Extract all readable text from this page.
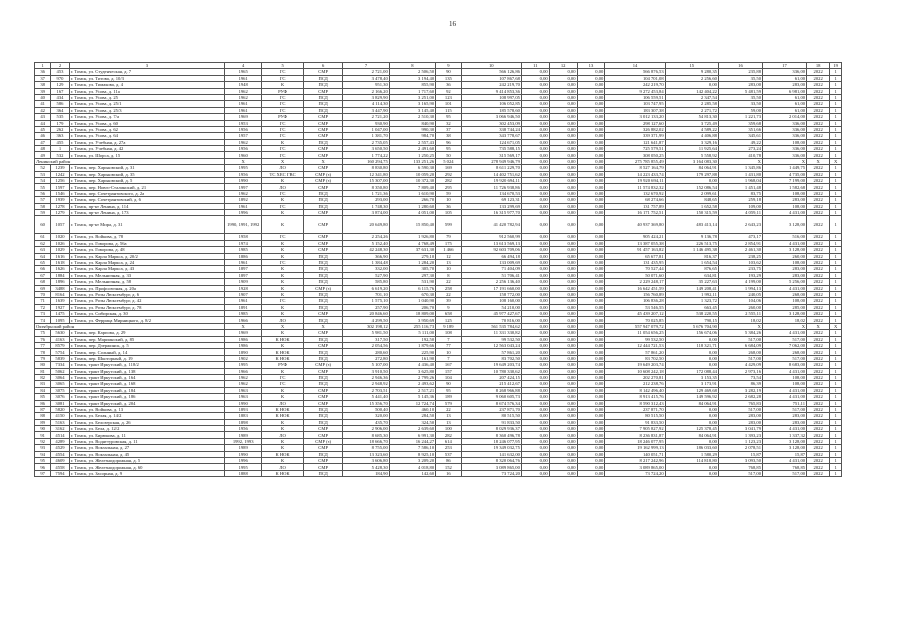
16
1	2	3	4	5	6	7	8	9	10	11	12	13	14	15	16	17	18	19
36	453	г. Томск, ул. Студенческая, д. 7	1965	ГС	СМР	2 721,00	2 506,50	90	566 126,86	0,00	0,00	0,00	566 876,53	9 280,35	235,88	336,00	2022	1
37	970	г. Томск, ул. Титова, д. 10/3	1961	ГС	ПСД	3 478,40	3 194,40	135	107 867,68	0,00	0,00	0,00	104 701,08	2 256,60	35,50	61,00	2022	1
38	129	г. Томск, ул. Тимакова, д. 4	1948	К	ПСД	951,30	855,90	36	242 219,70	0,00	0,00	0,00	242 219,70	0,00	283,00	283,00	2022	1
39	167	г. Томск, ул. Усова, д. 11а	1962	РУФ	СМР	2 166,20	1 717,60	92	9 414 853,36	0,00	0,00	0,00	9 272 453,84	142 404,22	5 481,59	6 981,00	2022	1
40	434	г. Томск, ул. Усова, д. 25	1962	ГС	ПСД	3 829,90	3 251,00	123	108 997,05	0,00	0,00	0,00	106 559,51	2 347,54	35,50	61,00	2022	1
41	586	г. Томск, ул. Усова, д. 25/1	1961	ГС	ПСД	4 114,30	3 165,90	101	106 052,85	0,00	0,00	0,00	103 747,95	2 285,58	33,50	61,00	2022	1
42	364	г. Томск, ул. Усова, д. 25/3	1961	ГС	ПСД	3 447,90	3 145,40	115	185 578,60	0,00	0,00	0,00	183 307,38	2 271,72	59,00	61,00	2022	1
43	535	г. Томск, ул. Усова, д. 7/а	1969	РУФ	СМР	2 721,20	2 510,30	95	3 066 946,50	0,00	0,00	0,00	3 012 133,20	54 813,30	1 221,73	2 014,00	2022	1
44	179	г. Томск, ул. Усова, д. 60	1953	ГС	СМР	930,90	840,90	32	302 453,09	0,00	0,00	0,00	298 127,60	3 725,49	359,68	336,00	2022	1
45	262	г. Томск, ул. Усова, д. 62	1956	ГС	СМР	1 047,00	990,30	37	338 744,24	0,00	0,00	0,00	326 882,02	4 589,22	351,66	336,00	2022	1
46	363	г. Томск, ул. Усова, д. 64	1957	ГС	СМР	1 381,70	984,70	38	343 778,67	0,00	0,00	0,00	339 371,99	4 406,88	345,61	336,00	2022	1
47	455	г. Томск, ул. Учебная, д. 27а	1962	К	ПСД	2 735,05	2 557,43	96	124 671,05	0,00	0,00	0,00	121 641,87	3 329,16	49,22	108,00	2022	1
48	1	г. Томск, ул. Учебная, д. 42	1956	ГС	СМР	3 650,50	2 491,60	95	735 588,15	0,00	0,00	0,00	725 579,51	11 925,64	273,24	336,00	2022	1
49	532	г. Томск, ул. Шорса, д. 15	1960	ГС	СМР	1 774,22	1 250,25	50	315 569,17	0,00	0,00	0,00	308 050,25	5 558,92	410,78	336,00	2022	1
Ленинский район			Х	Х	Х	160 294,75	133 251,26	5 024	278 949 946,79	0,00	0,00	0,00	275 785 855,49	3 164 083,30	Х	Х	Х	Х
52	1239	г. Томск, пер. Харьковский, д. 31	1995	ЛО	СМР	8 830,80	6 590,30	169	8 611 229,70	0,00	0,00	0,00	8 527 164,79	84 064,91	1 345,86	1 449,75	2022	1
53	1242	г. Томск, пер. Харьковский, д. 35	1956	ТС ХЕС ГВС	СМР (з)	12 341,80	10 059,20	292	14 402 751,62	0,00	0,00	0,00	14 223 433,74	179 297,88	1 431,80	4 735,00	2022	1
54	1256	г. Томск, пер. Харьковский, д. 5	1990	К	СМР (з)	15 307,00	10 372,30	282	19 920 694,11	0,00	0,00	0,00	19 920 694,11	0,00	1 968,04	7 199,00	2022	1
55	1597	г. Томск, пер. Новго-Сталинский, д. 21	1997	ЛО	СМР	8 350,80	7 809,40	295	11 726 938,86	0,00	0,00	0,00	11 574 832,32	152 086,54	1 451,48	1 582,68	2022	1
56	1546	г. Томск, пер. Сочетрантовского, д. 2а	1962	ГС	ПСД	1 721,36	1 610,90	59	134 670,53	0,00	0,00	0,00	132 670,92	2 099,61	83,75	108,00	2022	1
57	1939	г. Томск, пер. Сочетрантовский, д. 6	1892	К	ПСД	293,00	266,70	10	69 123,31	0,00	0,00	0,00	68 274,66	848,65	259,18	283,00	2022	1
58	1278	г. Томск, пр-кт Ленина, д. 114	1961	ГС	ПСД	1 748,30	1 280,60	36	133 299,69	0,00	0,00	0,00	131 757,89	1 652,58	109,00	108,00	2022	1
59	1279	г. Томск, пр-кт Ленина, д. 173	1996	К	СМР	3 874,00	4 051,00	105	16 315 977,70	0,00	0,00	0,00	16 171 752,51	150 315,59	4 059,11	4 431,00	2022	1
60	1057	г. Томск, пр-кт Мира, д. 31	1990, 1991, 1992	К	СМР	20 649,80	15 850,40	599	41 420 782,94	0,00	0,00	0,00	40 937 369,80	483 413,14	2 643,23	3 128,00	2022	1
61	1020	г. Томск, ул. Войкова, д. 78	1958	ГС	СМР	2 254,26	1 926,80	79	912 560,99	0,00	0,00	0,00	905 424,21	9 136,78	473,17	516,00	2022	1
62	1026	г. Томск, ул. Говорова, д. 56а	1974	К	СМР	5 152,40	4 768,49	175	13 613 569,13	0,00	0,00	0,00	13 387 055,38	226 513,75	2 854,91	4 431,00	2022	1
63	1029	г. Томск, ул. Говорова, д. 48	1985	К	СМР	42 248,30	37 631,30	1 466	92 603 709,06	0,00	0,00	0,00	91 457 163,82	1 146 495,38	2 461,30	3 128,00	2022	1
64	1616	г. Томск, ул. Карла Маркса, д. 20/2	1886	К	ПСД	366,90	279,10	12	66 494,18	0,00	0,00	0,00	65 677,81	816,37	238,25	260,00	2022	1
65	1618	г. Томск, ул. Карла Маркса, д. 24	1961	ГС	ПСД	1 384,48	1 284,20	13	133 009,69	0,00	0,00	0,00	131 435,95	1 654,54	103,62	108,00	2022	1
66	1626	г. Томск, ул. Карла Маркса, д. 43	1897	К	ПСД	332,00	305,70	10	71 404,09	0,00	0,00	0,00	70 527,44	876,65	233,75	283,00	2022	1
67	1884	г. Томск, ул. Мельничная, д. 33	1897	К	ПСД	527,90	297,30	8	51 706,41	0,00	0,00	0,00	50 071,60	634,81	193,29	283,00	2022	1
68	1896	г. Томск, ул. Мельничная, д. 58	1909	К	ПСД	585,80	531,90	22	2 256 136,40	0,00	0,00	0,00	2 229 248,17	35 227,63	4 199,00	5 256,00	2022	1
69	3488	г. Томск, ул. Профсоюзная, д. 20а	1928	К	СМР (з)	6 619,20	6 115,76	258	17 191 660,00	0,00	0,00	0,00	16 642 451,59	149 208,41	1 994,13	4 431,00	2022	1
70	8164	г. Томск, ул. Розы Люксембург, д. 6	1907	К	ПСД	701,10	670,30	22	158 772,00	0,00	0,00	0,00	156 760,89	1 992,11	240,05	268,00	2022	1
71	1639	г. Томск, ул. Розы Люксембург, д. 42	1961	ГС	ПСД	1 575,10	1 040,90	39	108 160,00	0,00	0,00	0,00	106 836,28	1 323,72	104,06	108,00	2022	1
72	1927	г. Томск, ул. Розы Люксембург, д. 78	1891	К	ПСД	257,90	206,70	9	54 210,00	0,00	0,00	0,00	53 546,55	663,45	260,00	285,00	2022	1
73	1475	г. Томск, ул. Сибирская, д. 30	1985	К	СМР	20 846,60	18 809,00	658	45 977 427,67	0,00	0,00	0,00	45 439 207,12	538 220,55	2 555,11	3 128,00	2022	1
74	1095	г. Томск, ул. Феррица Мирницкого, д. 8/2	1966	ЛО	ПСД	4 299,50	3 950,69	125	70 816,00	0,00	0,00	0,00	70 025,85	790,15	18,02	18,02	2022	1
Октябрьский район			Х	Х	Х	302 198,12	255 116,73	9 189	561 535 784,62	0,00	0,00	0,00	557 947 079,72	5 676 704,90	Х	Х	Х	Х
75	5630	г. Томск, пер. Карпова, д. 29	1969	К	СМР	5 981,50	5 111,00	108	11 331 330,82	0,00	0,00	0,00	11 054 656,25	156 674,06	5 384,26	4 431,00	2022	1
76	4163	г. Томск, пер. Мариинский, д. 85	1986	К НОК	ПСД	317,50	192,50	7	99 532,50	0,00	0,00	0,00	99 532,50	0,00	517,00	517,00	2022	1
77	8579	г. Томск, пер. Дзержинск, д. 5	1986	К	СМР	2 054,56	1 879,66	77	12 563 043,24	0,00	0,00	0,00	12 444 721,53	118 321,71	6 684,09	7 062,00	2022	1
78	5754	г. Томск, пер. Солнный, д. 14	1890	К НОК	ПСД	280,60	225,90	10	57 861,20	0,00	0,00	0,00	57 861,20	0,00	268,00	268,00	2022	1
79	5839	г. Томск, пер. Шкоторный, д. 19	1902	К НОК	ПСД	272,80	161,90	7	83 702,50	0,00	0,00	0,00	83 702,50	0,00	517,00	517,00	2022	1
80	7334	г. Томск, тракт Иркутский, д. 118/2	1995	РУФ	СМР (з)	5 107,00	4 436,40	167	19 649 203,74	0,00	0,00	0,00	19 649 203,74	0,00	4 429,09	8 683,00	2022	1
81	5062	г. Томск, тракт Иркутский, д. 138	1966	К	СМР	3 910,50	3 625,80	157	10 780 330,62	0,00	0,00	0,00	10 608 242,18	172 088,44	2 973,16	4 431,00	2022	1
82	3064	г. Томск, тракт Иркутский, д. 164	1962	ГС	ПСД	2 946,36	2 799,26	104	207 424,15	0,00	0,00	0,00	202 270,81	3 153,35	73,54	108,00	2022	1
83	3065	г. Томск, тракт Иркутский, д. 168	1962	ГС	ПСД	2 948,92	2 493,62	90	215 412,67	0,00	0,00	0,00	212 238,76	3 173,91	86,39	108,00	2022	1
84	3075	г. Томск, тракт Иркутский, д. 184	1963	К	СМР	2 703,51	2 517,21	95	8 268 966,88	0,00	0,00	0,00	8 142 496,40	129 469,68	3 282,19	4 431,00	2022	1
85	3076	г. Томск, тракт Иркутский, д. 186	1963	К	СМР	5 441,40	5 145,36	189	9 060 605,73	0,00	0,00	0,00	8 913 415,76	149 596,92	2 682,28	4 431,00	2022	1
86	3081	г. Томск, тракт Иркутский, д. 204	1990	ЛО	СМР	15 356,70	12 724,74	579	8 674 576,34	0,00	0,00	0,00	8 590 312,43	84 064,91	765,83	751,11	2022	1
87	5820	г. Томск, ул. Войкова, д. 13	1893	К НОК	ПСД	500,40	460,10	22	237 871,70	0,00	0,00	0,00	237 871,70	0,00	517,00	517,00	2022	1
88	4150	г. Томск, ул. Белая, д. 14/2	1883	К НОК	ПСД	320,00	284,50	13	80 515,50	0,00	0,00	0,00	80 515,50	0,00	283,00	283,00	2022	1
89	5163	г. Томск, ул. Белозерская, д. 26	1898	К	ПСД	435,70	324,50	13	91 833,50	0,00	0,00	0,00	91 833,50	0,00	283,00	283,00	2022	1
90	3162	г. Томск, ул. Бела, д. 12/2	1956	К	СМР	2 906,00	2 639,60	100	8 029 936,37	0,00	0,00	0,00	7 905 827,92	125 378,45	3 041,79	4 431,00	2022	1
91	4514	г. Томск, ул. Бирюкова, д. 11	1989	ЛО	СМР	8 685,30	6 991,30	282	8 360 496,78	0,00	0,00	0,00	8 236 831,87	84 064,91	1 393,23	1 337,32	2022	1
92	4289	г. Томск, ул. Водяттуровская, д. 11	1992, 1993	К	СМР (з)	18 666,70	16 244,27	614	18 246 077,95	0,00	0,00	0,00	18 246 077,95	0,00	1 123,23	3 128,00	2022	1
93	4529	г. Томск, ул. Вокзальная, д. 27	1989	К	СМР	8 755,00	7 586,10	253	19 349 032,75	0,00	0,00	0,00	19 162 999,13	186 033,60	2 078,51	3 128,00	2022	1
94	4554	г. Томск, ул. Вокзальная, д. 45	1990	К НОК	ПСД	13 323,60	8 925,10	537	141 632,00	0,00	0,00	0,00	140 051,71	1 580,29	15,87	15,87	2022	1
95	4609	г. Томск, ул. Железнодорожная, д. 5	1996	К	СМР	3 606,80	3 209,20	86	8 320 064,76	0,00	0,00	0,00	8 217 242,96	114 818,80	3 093,50	4 431,00	2022	1
96	4558	г. Томск, ул. Железнодорожная, д. 60	1995	ЛО	СМР	5 428,30	4 018,80	152	3 089 865,00	0,00	0,00	0,00	3 089 865,00	0,00	768,85	768,85	2022	1
97	7594	г. Томск, ул. Засорная, д. 9	1888	К НОК	ПСД	184,90	142,60	16	73 724,20	0,00	0,00	0,00	73 724,20	0,00	517,00	517,00	2022	1
